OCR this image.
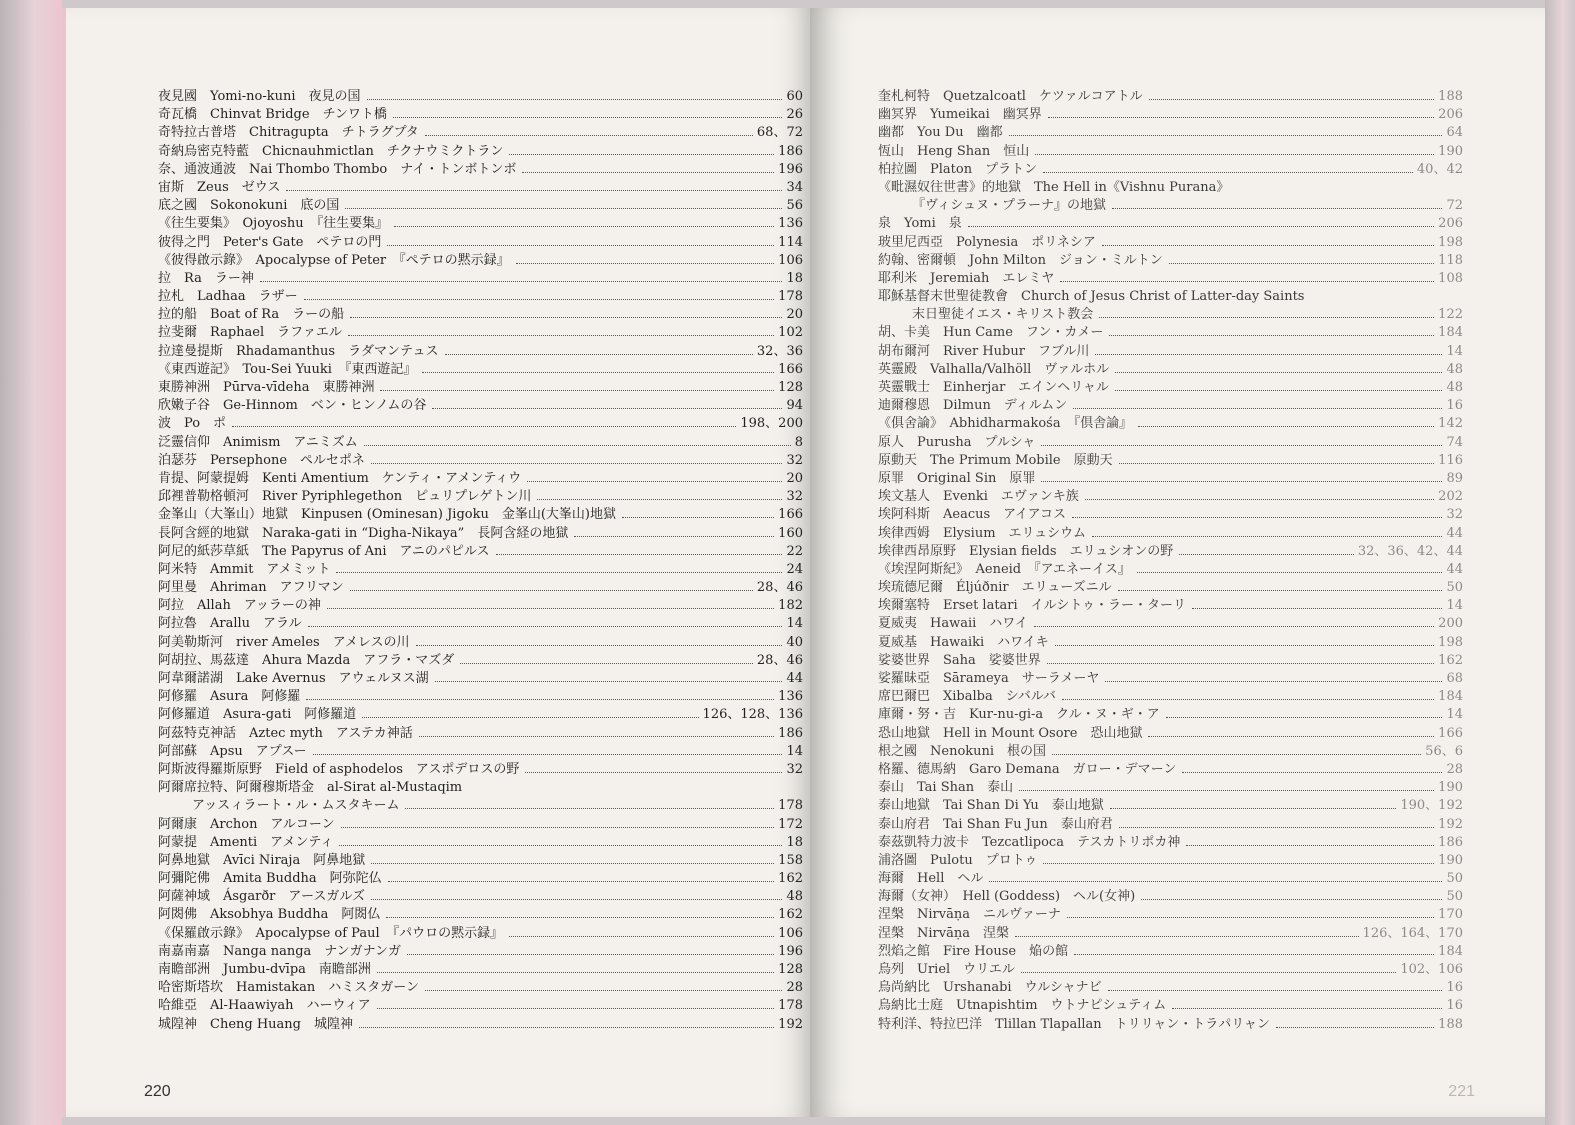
夜見國　Yomi-no-kuni　夜見の国	60
奇瓦橋　Chinvat Bridge　チンワト橋	26
奇特拉古普塔　Chitragupta　チトラグプタ	68、72
奇納烏密克特藍　Chicnauhmictlan　チクナウミクトラン	186
奈、通波通波　Nai Thombo Thombo　ナイ・トンボトンボ	196
宙斯　Zeus　ゼウス	34
底之國　Sokonokuni　底の国	56
《往生要集》　Ojoyoshu　『往生要集』	136
彼得之門　Peter's Gate　ペテロの門	114
《彼得啟示錄》　Apocalypse of Peter　『ペテロの黙示録』	106
拉　Ra　ラー神	18
拉札　Ladhaa　ラザー	178
拉的船　Boat of Ra　ラーの船	20
拉斐爾　Raphael　ラファエル	102
拉達曼提斯　Rhadamanthus　ラダマンテュス	32、36
《東西遊記》　Tou-Sei Yuuki　『東西遊記』	166
東勝神洲　Pūrva-vīdeha　東勝神洲	128
欣嫩子谷　Ge-Hinnom　ベン・ヒンノムの谷	94
波　Po　ポ	198、200
泛靈信仰　Animism　アニミズム	8
泊瑟芬　Persephone　ペルセポネ	32
肯提、阿蒙提姆　Kenti Amentium　ケンティ・アメンティウ	20
邱裡普勒格頓河　River Pyriphlegethon　ピュリプレゲトン川	32
金峯山（大峯山）地獄　Kinpusen (Ominesan) Jigoku　金峯山(大峯山)地獄	166
長阿含經的地獄　Naraka-gati in “Digha-Nikaya”　長阿含経の地獄	160
阿尼的紙莎草紙　The Papyrus of Ani　アニのパピルス	22
阿米特　Ammit　アメミット	24
阿里曼　Ahriman　アフリマン	28、46
阿拉　Allah　アッラーの神	182
阿拉魯　Arallu　アラル	14
阿美勒斯河　river Ameles　アメレスの川	40
阿胡拉、馬茲達　Ahura Mazda　アフラ・マズダ	28、46
阿韋爾諾湖　Lake Avernus　アウェルヌス湖	44
阿修羅　Asura　阿修羅	136
阿修羅道　Asura-gati　阿修羅道	126、128、136
阿茲特克神話　Aztec myth　アステカ神話	186
阿部蘇　Apsu　アプスー	14
阿斯波得羅斯原野　Field of asphodelos　アスポデロスの野	32
阿爾席拉特、阿爾穆斯塔金　al-Sirat al-Mustaqim
アッスィラート・ル・ムスタキーム	178
阿爾康　Archon　アルコーン	172
阿蒙提　Amenti　アメンティ	18
阿鼻地獄　Avīci Niraja　阿鼻地獄	158
阿彌陀佛　Amita Buddha　阿弥陀仏	162
阿薩神域　Ásgarðr　アースガルズ	48
阿閦佛　Aksobhya Buddha　阿閦仏	162
《保羅啟示錄》　Apocalypse of Paul　『パウロの黙示録』	106
南嘉南嘉　Nanga nanga　ナンガナンガ	196
南瞻部洲　Jumbu-dvīpa　南瞻部洲	128
哈密斯塔坎　Hamistakan　ハミスタガーン	28
哈維亞　Al-Haawiyah　ハーウィア	178
城隍神　Cheng Huang　城隍神	192
220
奎札柯特　Quetzalcoatl　ケツァルコアトル	188
幽冥界　Yumeikai　幽冥界	206
幽都　You Du　幽都	64
恆山　Heng Shan　恒山	190
柏拉圖　Platon　プラトン	40、42
《毗濕奴往世書》的地獄　The Hell in《Vishnu Purana》
『ヴィシュヌ・プラーナ』の地獄	72
泉　Yomi　泉	206
玻里尼西亞　Polynesia　ポリネシア	198
約翰、密爾頓　John Milton　ジョン・ミルトン	118
耶利米　Jeremiah　エレミヤ	108
耶穌基督末世聖徒教會　Church of Jesus Christ of Latter-day Saints
末日聖徒イエス・キリスト教会	122
胡、卡美　Hun Came　フン・カメー	184
胡布爾河　River Hubur　フブル川	14
英靈殿　Valhalla/Valhöll　ヴァルホル	48
英靈戰士　Einherjar　エインヘリャル	48
迪爾穆恩　Dilmun　ディルムン	16
《俱舍論》　Abhidharmakośa　『倶舎論』	142
原人　Purusha　プルシャ	74
原動天　The Primum Mobile　原動天	116
原罪　Original Sin　原罪	89
埃文基人　Evenki　エヴァンキ族	202
埃阿科斯　Aeacus　アイアコス	32
埃律西姆　Elysium　エリュシウム	44
埃律西昂原野　Elysian fields　エリュシオンの野	32、36、42、44
《埃涅阿斯紀》　Aeneid　『アエネーイス』	44
埃琉德尼爾　Éljúðnir　エリューズニル	50
埃爾塞特　Erset latari　イルシトゥ・ラー・ターリ	14
夏威夷　Hawaii　ハワイ	200
夏威基　Hawaiki　ハワイキ	198
娑婆世界　Saha　娑婆世界	162
娑羅昧亞　Sārameya　サーラメーヤ	68
席巴爾巴　Xibalba　シバルバ	184
庫爾・努・吉　Kur-nu-gi-a　クル・ヌ・ギ・ア	14
恐山地獄　Hell in Mount Osore　恐山地獄	166
根之國　Nenokuni　根の国	56、6
格羅、德馬納　Garo Demana　ガロー・デマーン	28
泰山　Tai Shan　泰山	190
泰山地獄　Tai Shan Di Yu　泰山地獄	190、192
泰山府君　Tai Shan Fu Jun　泰山府君	192
泰茲凱特力波卡　Tezcatlipoca　テスカトリポカ神	186
浦洛圖　Pulotu　プロトゥ	190
海爾　Hell　ヘル	50
海爾（女神）　Hell (Goddess)　ヘル(女神)	50
涅槃　Nirvāṇa　ニルヴァーナ	170
涅槃　Nirvāṇa　涅槃	126、164、170
烈焰之館　Fire House　焔の館	184
烏列　Uriel　ウリエル	102、106
烏尚納比　Urshanabi　ウルシャナビ	16
烏納比士庭　Utnapishtim　ウトナピシュティム	16
特利洋、特拉巴洋　Tlillan Tlapallan　トリリャン・トラパリャン	188
221
